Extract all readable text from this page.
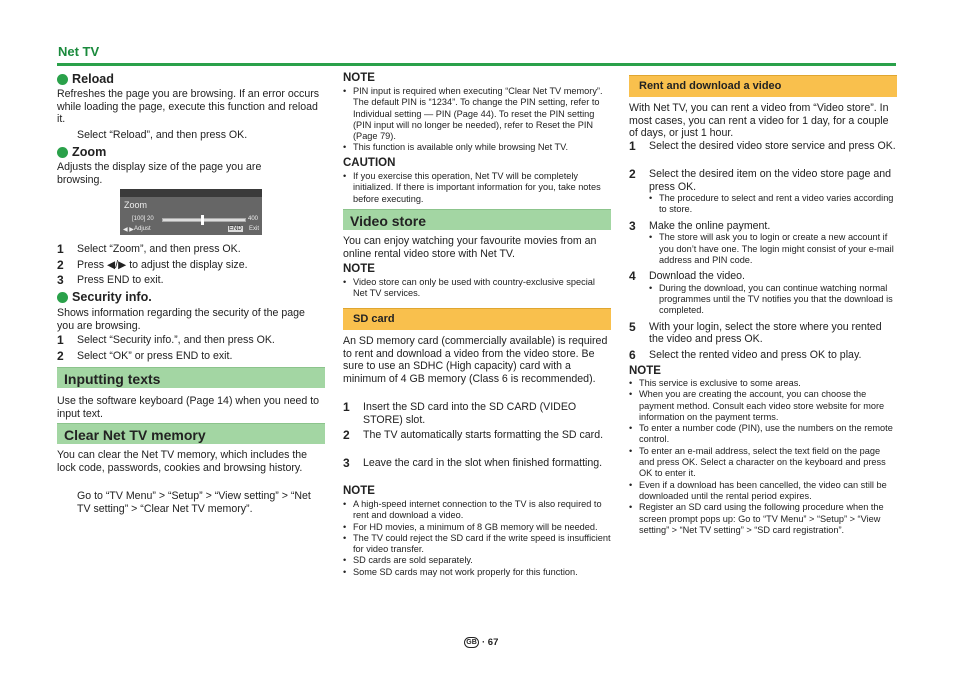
Net TV
Reload
Refreshes the page you are browsing. If an error occurs while loading the page, execute this function and reload it.
Select “Reload”, and then press OK.
Zoom
Adjusts the display size of the page you are browsing.
Zoom
[100] 20	400
◀ ▶ Adjust	END Exit
1	Select “Zoom”, and then press OK.
2	Press ◀/▶ to adjust the display size.
3	Press END to exit.
Security info.
Shows information regarding the security of the page you are browsing.
1	Select “Security info.”, and then press OK.
2	Select “OK” or press END to exit.
Inputting texts
Use the software keyboard (Page 14) when you need to input text.
Clear Net TV memory
You can clear the Net TV memory, which includes the lock code, passwords, cookies and browsing history.
Go to “TV Menu” > “Setup” > “View setting” > “Net TV setting” > “Clear Net TV memory”.
NOTE
• PIN input is required when executing “Clear Net TV memory”. The default PIN is “1234”. To change the PIN setting, refer to Individual setting — PIN (Page 44). To reset the PIN setting (PIN input will no longer be needed), refer to Reset the PIN (Page 79).
• This function is available only while browsing Net TV.
CAUTION
• If you exercise this operation, Net TV will be completely initialized. If there is important information for you, take notes before executing.
Video store
You can enjoy watching your favourite movies from an online rental video store with Net TV.
NOTE
• Video store can only be used with country-exclusive special Net TV services.
SD card
An SD memory card (commercially available) is required to rent and download a video from the video store. Be sure to use an SDHC (High capacity) card with a minimum of 4 GB memory (Class 6 is recommended).
1	Insert the SD card into the SD CARD (VIDEO STORE) slot.
2	The TV automatically starts formatting the SD card.
3	Leave the card in the slot when finished formatting.
NOTE
• A high-speed internet connection to the TV is also required to rent and download a video.
• For HD movies, a minimum of 8 GB memory will be needed.
• The TV could reject the SD card if the write speed is insufficient for video transfer.
• SD cards are sold separately.
• Some SD cards may not work properly for this function.
Rent and download a video
With Net TV, you can rent a video from “Video store”. In most cases, you can rent a video for 1 day, for a couple of days, or just 1 hour.
1	Select the desired video store service and press OK.
2	Select the desired item on the video store page and press OK.
• The procedure to select and rent a video varies according to store.
3	Make the online payment.
• The store will ask you to login or create a new account if you don’t have one. The login might consist of your e-mail address and PIN code.
4	Download the video.
• During the download, you can continue watching normal programmes until the TV notifies you that the download is completed.
5	With your login, select the store where you rented the video and press OK.
6	Select the rented video and press OK to play.
NOTE
• This service is exclusive to some areas.
• When you are creating the account, you can choose the payment method. Consult each video store website for more information on the payment terms.
• To enter a number code (PIN), use the numbers on the remote control.
• To enter an e-mail address, select the text field on the page and press OK. Select a character on the keyboard and press OK to enter it.
• Even if a download has been cancelled, the video can still be downloaded until the rental period expires.
• Register an SD card using the following procedure when the screen prompt pops up: Go to “TV Menu” > “Setup” > “View setting” > “Net TV setting” > “SD card registration”.
GB · 67
